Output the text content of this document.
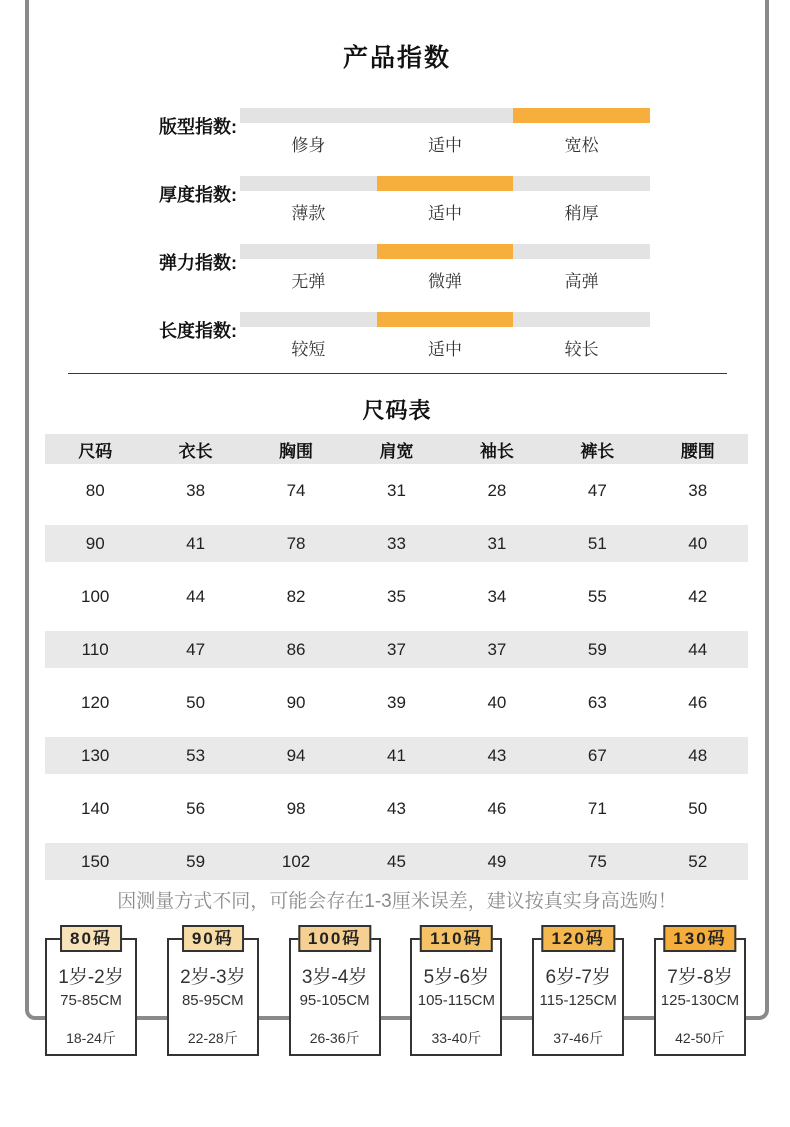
产品指数
版型指数:
修身	适中	宽松
厚度指数:
薄款	适中	稍厚
弹力指数:
无弹	微弹	高弹
长度指数:
较短	适中	较长
尺码表
尺码	衣长	胸围	肩宽	袖长	裤长	腰围
80	38	74	31	28	47	38
90	41	78	33	31	51	40
100	44	82	35	34	55	42
110	47	86	37	37	59	44
120	50	90	39	40	63	46
130	53	94	41	43	67	48
140	56	98	43	46	71	50
150	59	102	45	49	75	52
因测量方式不同，可能会存在1-3厘米误差，建议按真实身高选购！
80码
1岁-2岁
75-85CM
18-24斤
90码
2岁-3岁
85-95CM
22-28斤
100码
3岁-4岁
95-105CM
26-36斤
110码
5岁-6岁
105-115CM
33-40斤
120码
6岁-7岁
115-125CM
37-46斤
130码
7岁-8岁
125-130CM
42-50斤
